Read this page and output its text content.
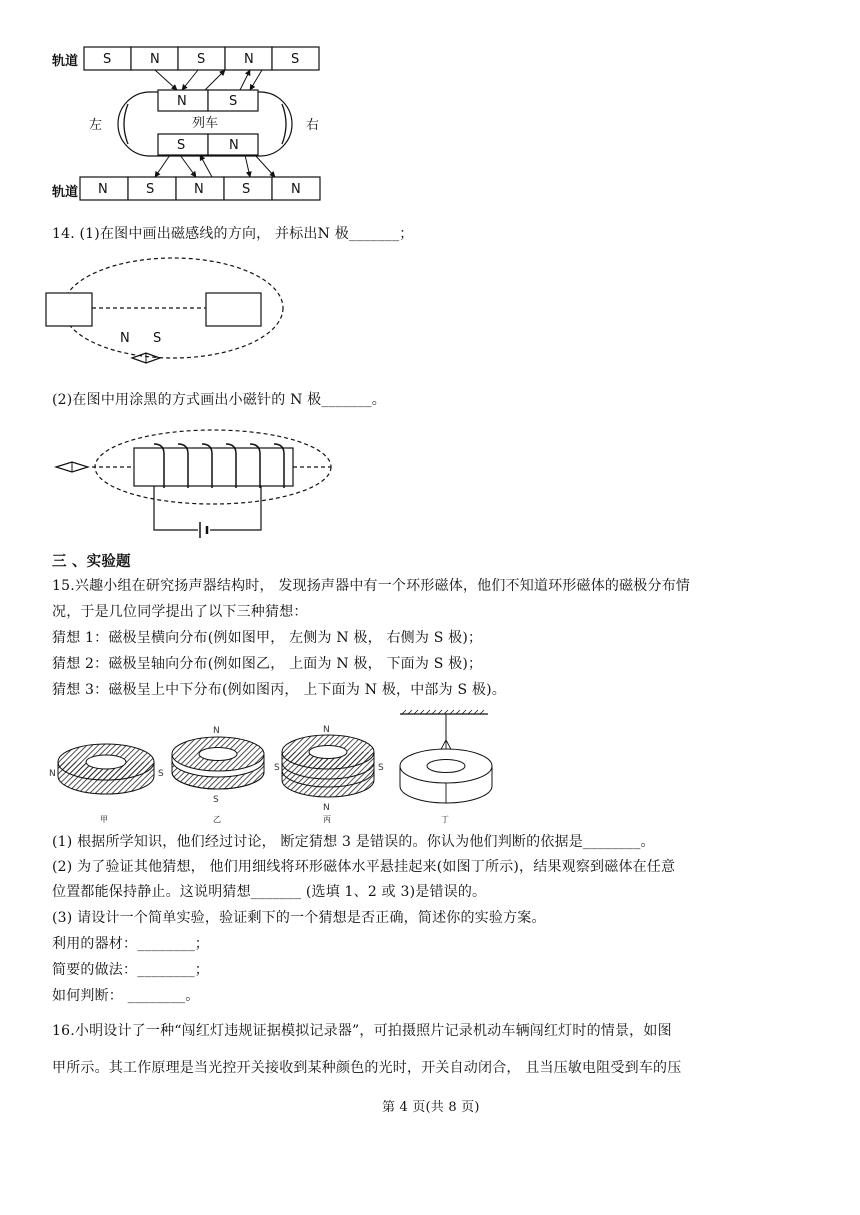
轨道
轨道
S	N	S	N	S
N	S	N	S	N
左	右
N	S
S	N
列车
14. (1)在图中画出磁感线的方向， 并标出N 极_______；
N S
(2)在图中用涂黑的方式画出小磁针的 N 极_______。
三 、实验题
15.兴趣小组在研究扬声器结构时， 发现扬声器中有一个环形磁体，他们不知道环形磁体的磁极分布情
况，于是几位同学提出了以下三种猜想：
猜想 1：磁极呈横向分布(例如图甲， 左侧为 N 极， 右侧为 S 极)；
猜想 2：磁极呈轴向分布(例如图乙， 上面为 N 极， 下面为 S 极)；
猜想 3：磁极呈上中下分布(例如图丙， 上下面为 N 极，中部为 S 极)。
N	S
甲
N
S
乙
N
S	S
N
丙	丁
(1) 根据所学知识，他们经过讨论， 断定猜想 3 是错误的。你认为他们判断的依据是________。
(2) 为了验证其他猜想， 他们用细线将环形磁体水平悬挂起来(如图丁所示)，结果观察到磁体在任意
位置都能保持静止。这说明猜想_______ (选填 1、2 或 3)是错误的。
(3) 请设计一个简单实验，验证剩下的一个猜想是否正确，简述你的实验方案。
利用的器材：________；
简要的做法：________；
如何判断： ________。
16.小明设计了一种“闯红灯违规证据模拟记录器”，可拍摄照片记录机动车辆闯红灯时的情景，如图
甲所示。其工作原理是当光控开关接收到某种颜色的光时，开关自动闭合， 且当压敏电阻受到车的压
第 4 页(共 8 页)
